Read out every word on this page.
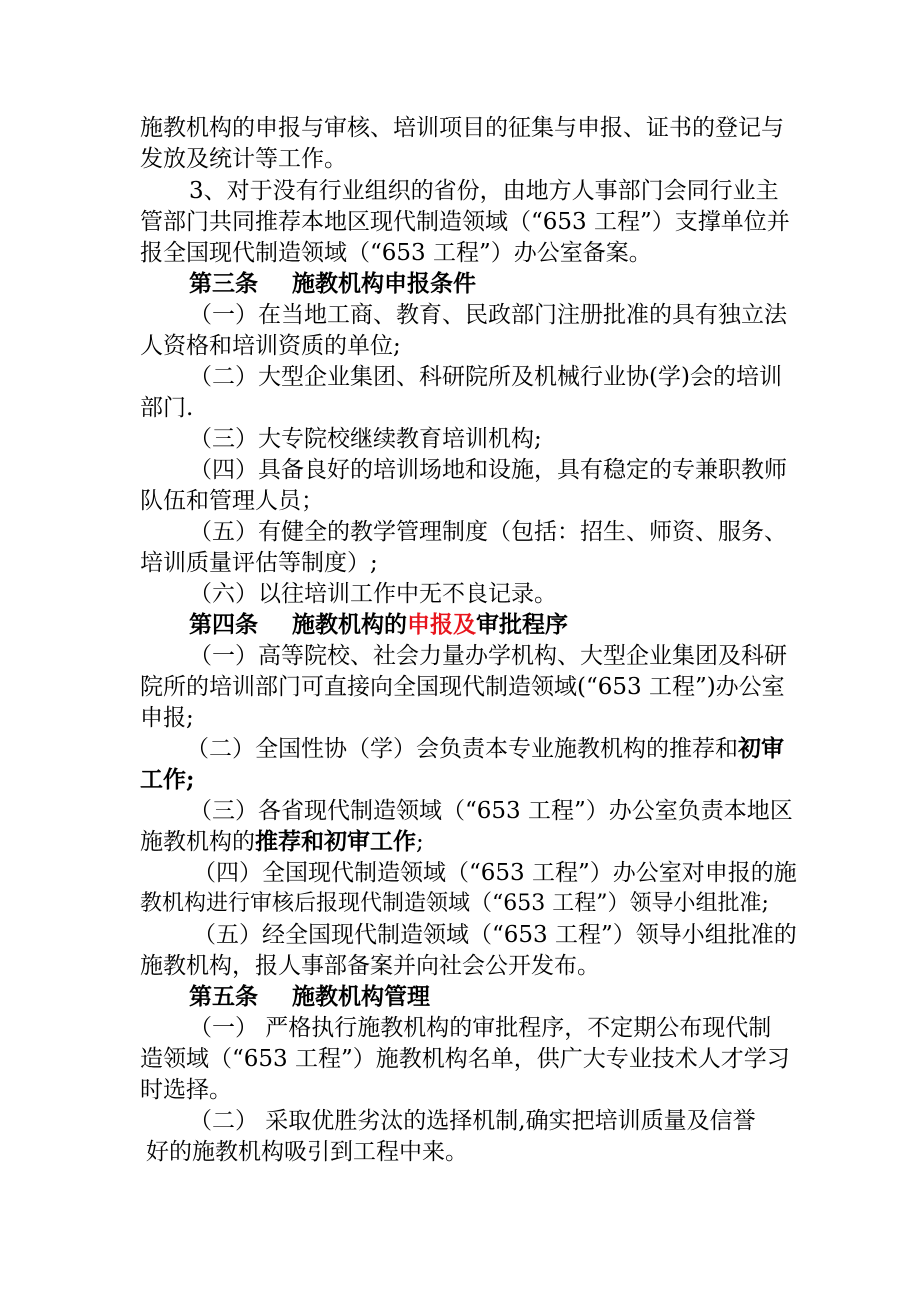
施教机构的申报与审核、培训项目的征集与申报、证书的登记与
发放及统计等工作。
3、对于没有行业组织的省份，由地方人事部门会同行业主
管部门共同推荐本地区现代制造领域（“653 工程”）支撑单位并
报全国现代制造领域（“653 工程”）办公室备案。
第三条 施教机构申报条件
（一）在当地工商、教育、民政部门注册批准的具有独立法
人资格和培训资质的单位;
（二）大型企业集团、科研院所及机械行业协(学)会的培训
部门.
（三）大专院校继续教育培训机构;
（四）具备良好的培训场地和设施，具有稳定的专兼职教师
队伍和管理人员；
（五）有健全的教学管理制度（包括：招生、师资、服务、
培训质量评估等制度）;
（六）以往培训工作中无不良记录。
第四条 施教机构的申报及审批程序
（一）高等院校、社会力量办学机构、大型企业集团及科研
院所的培训部门可直接向全国现代制造领域(“653 工程”)办公室
申报;
（二）全国性协（学）会负责本专业施教机构的推荐和初审
工作;
（三）各省现代制造领域（“653 工程”）办公室负责本地区
施教机构的推荐和初审工作;
（四）全国现代制造领域（“653 工程”）办公室对申报的施
教机构进行审核后报现代制造领域（“653 工程”）领导小组批准;
（五）经全国现代制造领域（“653 工程”）领导小组批准的
施教机构，报人事部备案并向社会公开发布。
第五条 施教机构管理
（一） 严格执行施教机构的审批程序，不定期公布现代制
造领域（“653 工程”）施教机构名单，供广大专业技术人才学习
时选择。
（二） 采取优胜劣汰的选择机制,确实把培训质量及信誉
好的施教机构吸引到工程中来。
